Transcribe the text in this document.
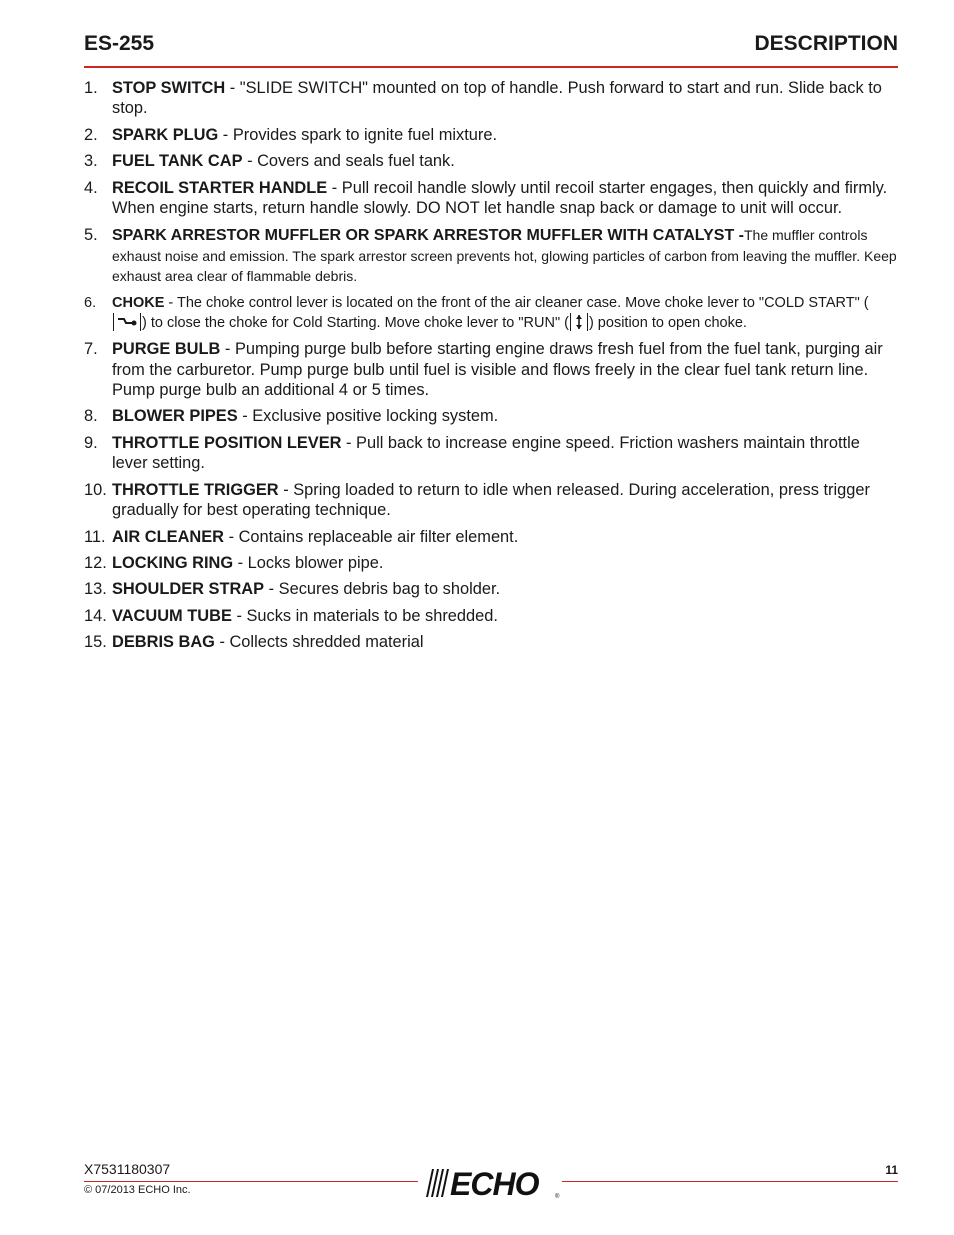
ES-255	DESCRIPTION
1. STOP SWITCH - "SLIDE SWITCH" mounted on top of handle. Push forward to start and run. Slide back to stop.
2. SPARK PLUG - Provides spark to ignite fuel mixture.
3. FUEL TANK CAP - Covers and seals fuel tank.
4. RECOIL STARTER HANDLE - Pull recoil handle slowly until recoil starter engages, then quickly and firmly. When engine starts, return handle slowly. DO NOT let handle snap back or damage to unit will occur.
5. SPARK ARRESTOR MUFFLER OR SPARK ARRESTOR MUFFLER WITH CATALYST -The muffler controls exhaust noise and emission. The spark arrestor screen prevents hot, glowing particles of carbon from leaving the muffler. Keep exhaust area clear of flammable debris.
6. CHOKE - The choke control lever is located on the front of the air cleaner case. Move choke lever to "COLD START" (
) to close the choke for Cold Starting. Move choke lever to "RUN" ( ) position to open choke.
7. PURGE BULB - Pumping purge bulb before starting engine draws fresh fuel from the fuel tank, purging air from the carburetor. Pump purge bulb until fuel is visible and flows freely in the clear fuel tank return line. Pump purge bulb an additional 4 or 5 times.
8. BLOWER PIPES - Exclusive positive locking system.
9. THROTTLE POSITION LEVER - Pull back to increase engine speed. Friction washers maintain throttle lever setting.
10. THROTTLE TRIGGER - Spring loaded to return to idle when released. During acceleration, press trigger gradually for best operating technique.
11. AIR CLEANER - Contains replaceable air filter element.
12. LOCKING RING - Locks blower pipe.
13. SHOULDER STRAP - Secures debris bag to sholder.
14. VACUUM TUBE - Sucks in materials to be shredded.
15. DEBRIS BAG - Collects shredded material
X7531180307
© 07/2013 ECHO Inc.
11
ECHO	®
